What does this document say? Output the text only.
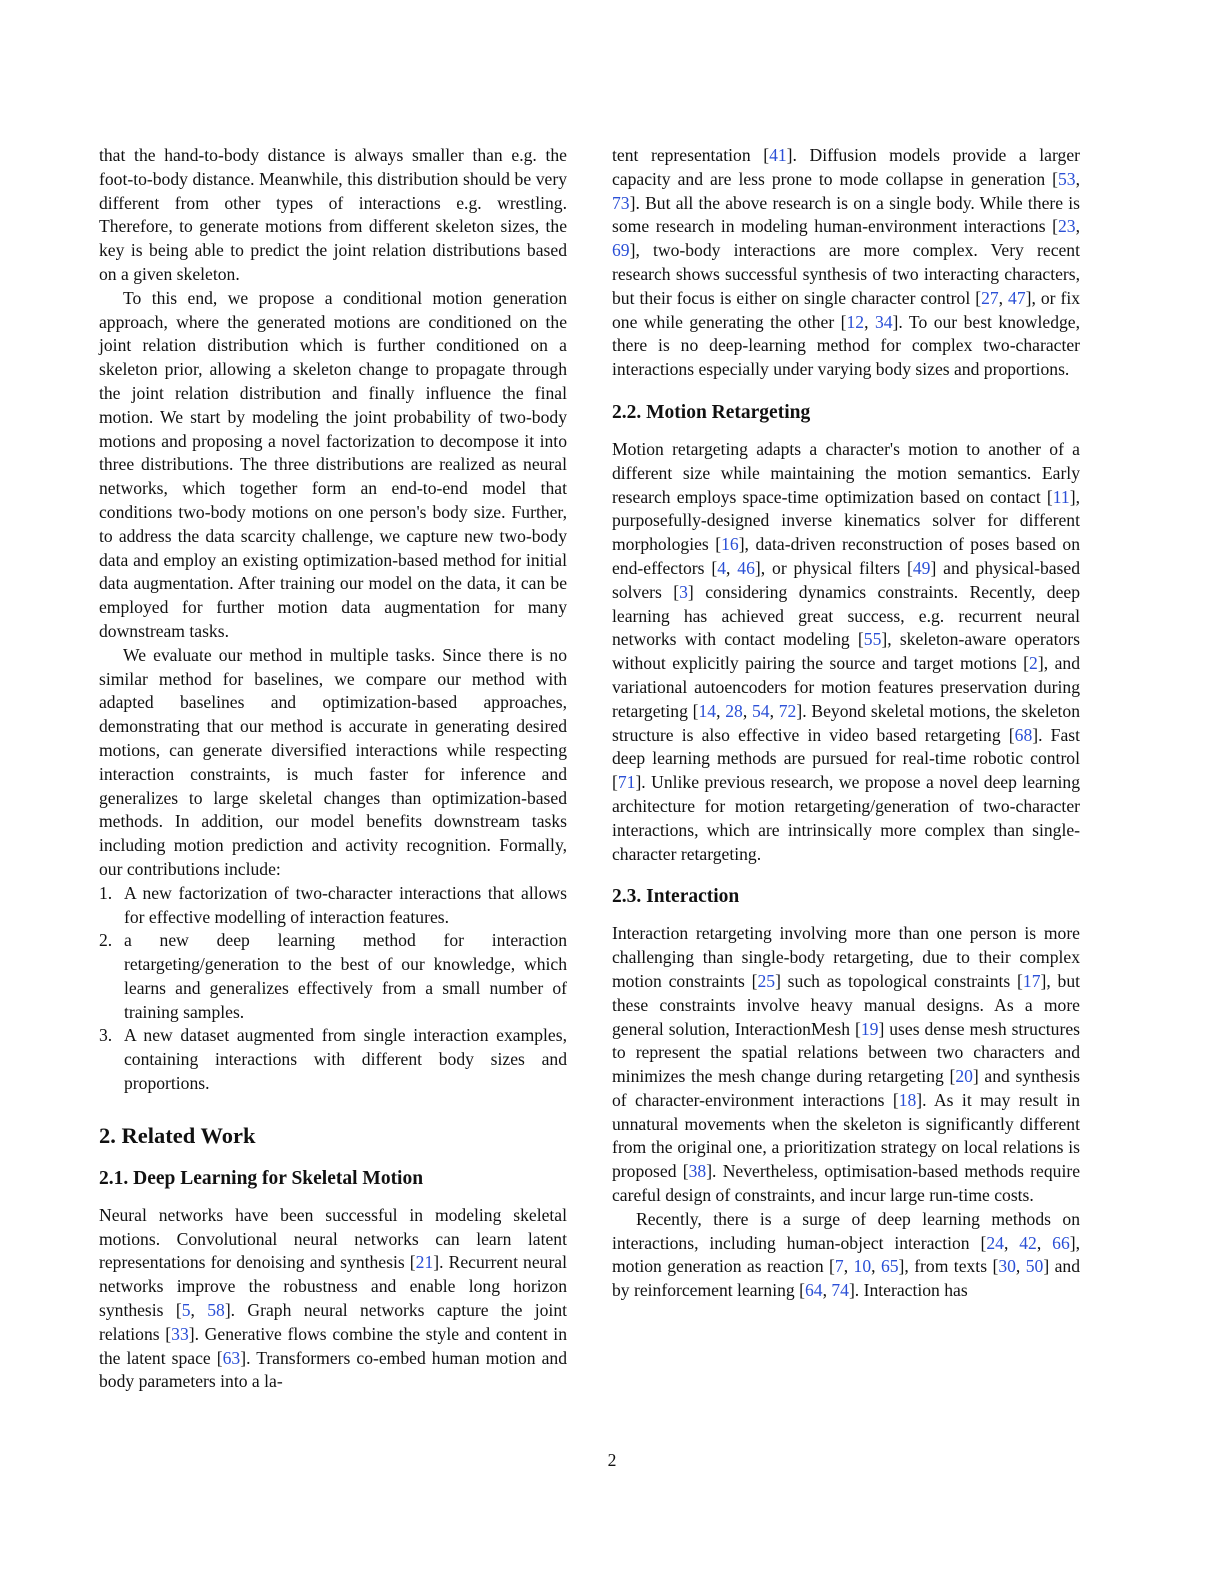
that the hand-to-body distance is always smaller than e.g. the foot-to-body distance. Meanwhile, this distribution should be very different from other types of interactions e.g. wrestling. Therefore, to generate motions from different skeleton sizes, the key is being able to predict the joint relation distributions based on a given skeleton.

To this end, we propose a conditional motion generation approach, where the generated motions are conditioned on the joint relation distribution which is further conditioned on a skeleton prior, allowing a skeleton change to propagate through the joint relation distribution and finally influence the final motion. We start by modeling the joint probability of two-body motions and proposing a novel factorization to decompose it into three distributions. The three distributions are realized as neural networks, which together form an end-to-end model that conditions two-body motions on one person's body size. Further, to address the data scarcity challenge, we capture new two-body data and employ an existing optimization-based method for initial data augmentation. After training our model on the data, it can be employed for further motion data augmentation for many downstream tasks.

We evaluate our method in multiple tasks. Since there is no similar method for baselines, we compare our method with adapted baselines and optimization-based approaches, demonstrating that our method is accurate in generating desired motions, can generate diversified interactions while respecting interaction constraints, is much faster for inference and generalizes to large skeletal changes than optimization-based methods. In addition, our model benefits downstream tasks including motion prediction and activity recognition. Formally, our contributions include:

1. A new factorization of two-character interactions that allows for effective modelling of interaction features.
2. a new deep learning method for interaction retargeting/generation to the best of our knowledge, which learns and generalizes effectively from a small number of training samples.
3. A new dataset augmented from single interaction examples, containing interactions with different body sizes and proportions.
2. Related Work
2.1. Deep Learning for Skeletal Motion

Neural networks have been successful in modeling skeletal motions. Convolutional neural networks can learn latent representations for denoising and synthesis [21]. Recurrent neural networks improve the robustness and enable long horizon synthesis [5, 58]. Graph neural networks capture the joint relations [33]. Generative flows combine the style and content in the latent space [63]. Transformers co-embed human motion and body parameters into a la-

tent representation [41]. Diffusion models provide a larger capacity and are less prone to mode collapse in generation [53, 73]. But all the above research is on a single body. While there is some research in modeling human-environment interactions [23, 69], two-body interactions are more complex. Very recent research shows successful synthesis of two interacting characters, but their focus is either on single character control [27, 47], or fix one while generating the other [12, 34]. To our best knowledge, there is no deep-learning method for complex two-character interactions especially under varying body sizes and proportions.

2.2. Motion Retargeting

Motion retargeting adapts a character's motion to another of a different size while maintaining the motion semantics. Early research employs space-time optimization based on contact [11], purposefully-designed inverse kinematics solver for different morphologies [16], data-driven reconstruction of poses based on end-effectors [4, 46], or physical filters [49] and physical-based solvers [3] considering dynamics constraints. Recently, deep learning has achieved great success, e.g. recurrent neural networks with contact modeling [55], skeleton-aware operators without explicitly pairing the source and target motions [2], and variational autoencoders for motion features preservation during retargeting [14, 28, 54, 72]. Beyond skeletal motions, the skeleton structure is also effective in video based retargeting [68]. Fast deep learning methods are pursued for real-time robotic control [71]. Unlike previous research, we propose a novel deep learning architecture for motion retargeting/generation of two-character interactions, which are intrinsically more complex than single-character retargeting.

2.3. Interaction

Interaction retargeting involving more than one person is more challenging than single-body retargeting, due to their complex motion constraints [25] such as topological constraints [17], but these constraints involve heavy manual designs. As a more general solution, InteractionMesh [19] uses dense mesh structures to represent the spatial relations between two characters and minimizes the mesh change during retargeting [20] and synthesis of character-environment interactions [18]. As it may result in unnatural movements when the skeleton is significantly different from the original one, a prioritization strategy on local relations is proposed [38]. Nevertheless, optimisation-based methods require careful design of constraints, and incur large run-time costs.

Recently, there is a surge of deep learning methods on interactions, including human-object interaction [24, 42, 66], motion generation as reaction [7, 10, 65], from texts [30, 50] and by reinforcement learning [64, 74]. Interaction has

2
